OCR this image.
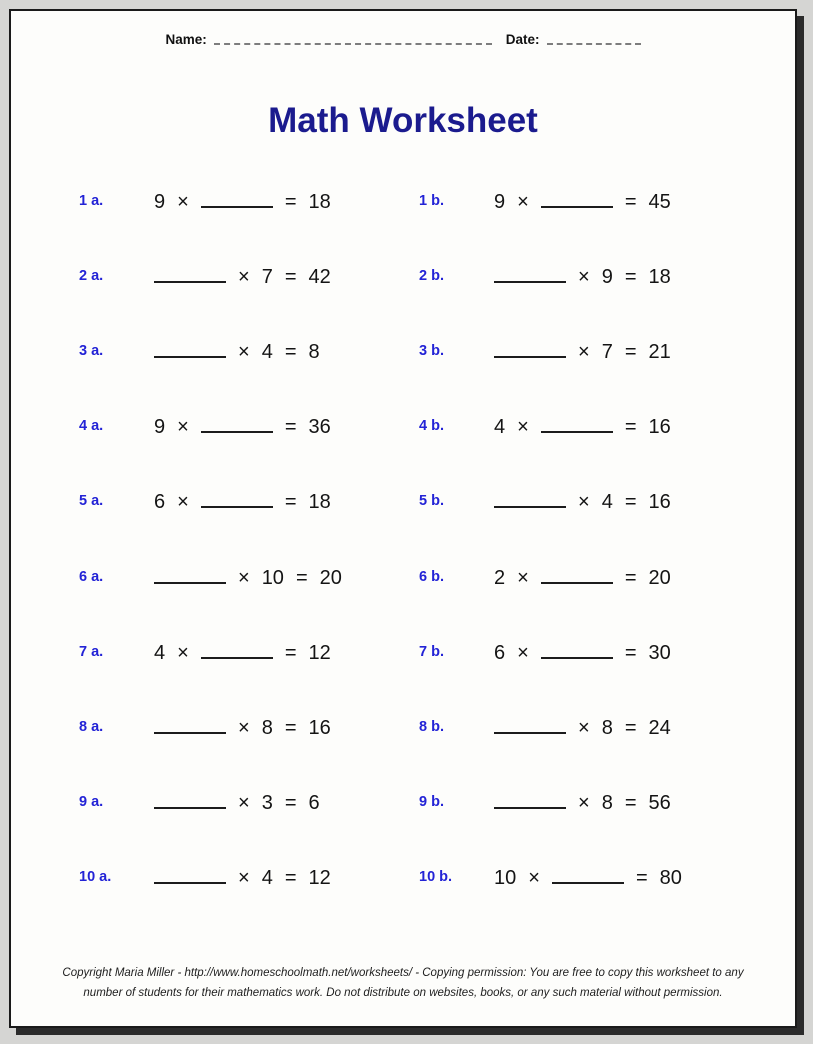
Name:	Date:
Math Worksheet
1 a.	9 ×	= 18	1 b.	9 ×	= 45
2 a.	× 7 = 42	2 b.	× 9 = 18
3 a.	× 4 = 8	3 b.	× 7 = 21
4 a.	9 ×	= 36	4 b.	4 ×	= 16
5 a.	6 ×	= 18	5 b.	× 4 = 16
6 a.	× 10 = 20	6 b.	2 ×	= 20
7 a.	4 ×	= 12	7 b.	6 ×	= 30
8 a.	× 8 = 16	8 b.	× 8 = 24
9 a.	× 3 = 6	9 b.	× 8 = 56
10 a.	× 4 = 12	10 b.	10 ×	= 80
Copyright Maria Miller - http://www.homeschoolmath.net/worksheets/ - Copying permission: You are free to copy this worksheet to any
number of students for their mathematics work. Do not distribute on websites, books, or any such material without permission.
